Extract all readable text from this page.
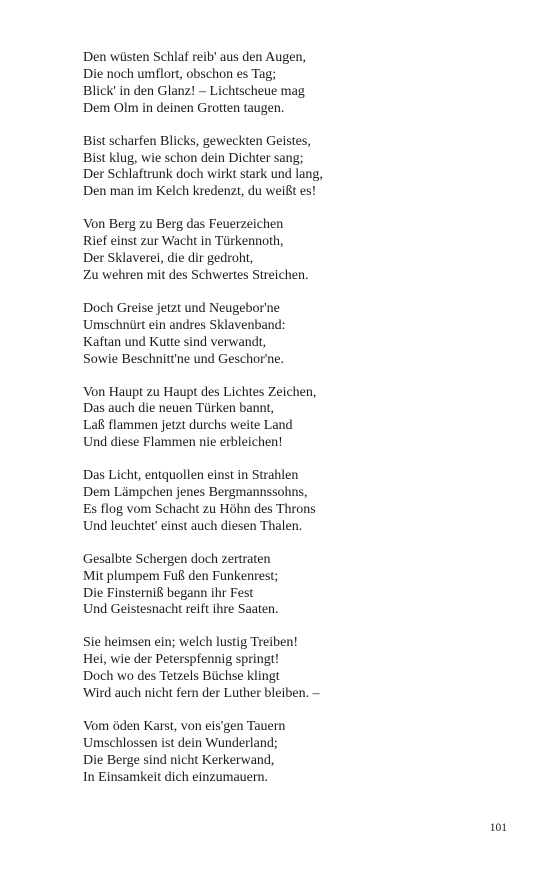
Den wüsten Schlaf reib' aus den Augen,
Die noch umflort, obschon es Tag;
Blick' in den Glanz! – Lichtscheue mag
Dem Olm in deinen Grotten taugen.
Bist scharfen Blicks, geweckten Geistes,
Bist klug, wie schon dein Dichter sang;
Der Schlaftrunk doch wirkt stark und lang,
Den man im Kelch kredenzt, du weißt es!
Von Berg zu Berg das Feuerzeichen
Rief einst zur Wacht in Türkennoth,
Der Sklaverei, die dir gedroht,
Zu wehren mit des Schwertes Streichen.
Doch Greise jetzt und Neugebor'ne
Umschnürt ein andres Sklavenband:
Kaftan und Kutte sind verwandt,
Sowie Beschnitt'ne und Geschor'ne.
Von Haupt zu Haupt des Lichtes Zeichen,
Das auch die neuen Türken bannt,
Laß flammen jetzt durchs weite Land
Und diese Flammen nie erbleichen!
Das Licht, entquollen einst in Strahlen
Dem Lämpchen jenes Bergmannssohns,
Es flog vom Schacht zu Höhn des Throns
Und leuchtet' einst auch diesen Thalen.
Gesalbte Schergen doch zertraten
Mit plumpem Fuß den Funkenrest;
Die Finsterniß begann ihr Fest
Und Geistesnacht reift ihre Saaten.
Sie heimsen ein; welch lustig Treiben!
Hei, wie der Peterspfennig springt!
Doch wo des Tetzels Büchse klingt
Wird auch nicht fern der Luther bleiben. –
Vom öden Karst, von eis'gen Tauern
Umschlossen ist dein Wunderland;
Die Berge sind nicht Kerkerwand,
In Einsamkeit dich einzumauern.
101
